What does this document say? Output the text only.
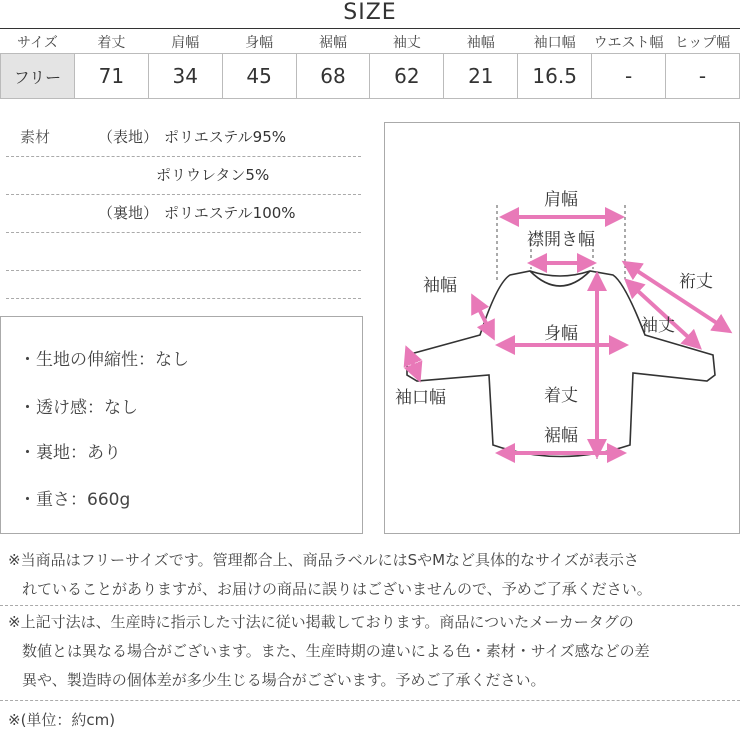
SIZE
サイズ	着丈	肩幅	身幅	裾幅	袖丈	袖幅	袖口幅	ウエスト幅	ヒップ幅
フリー	71	34	45	68	62	21	16.5	-	-
素材	（表地） ポリエステル95%
ポリウレタン5%
（裏地） ポリエステル100%
・生地の伸縮性：なし
・透け感：なし
・裏地：あり
・重さ：660g
肩幅
襟開き幅
袖幅	裄丈
袖丈
身幅
袖口幅	着丈
裾幅
※当商品はフリーサイズです。管理都合上、商品ラベルにはSやMなど具体的なサイズが表示さ
れていることがありますが、お届けの商品に誤りはございませんので、予めご了承ください。
※上記寸法は、生産時に指示した寸法に従い掲載しております。商品についたメーカータグの
数値とは異なる場合がございます。また、生産時期の違いによる色・素材・サイズ感などの差
異や、製造時の個体差が多少生じる場合がございます。予めご了承ください。
※(単位：約cm)
